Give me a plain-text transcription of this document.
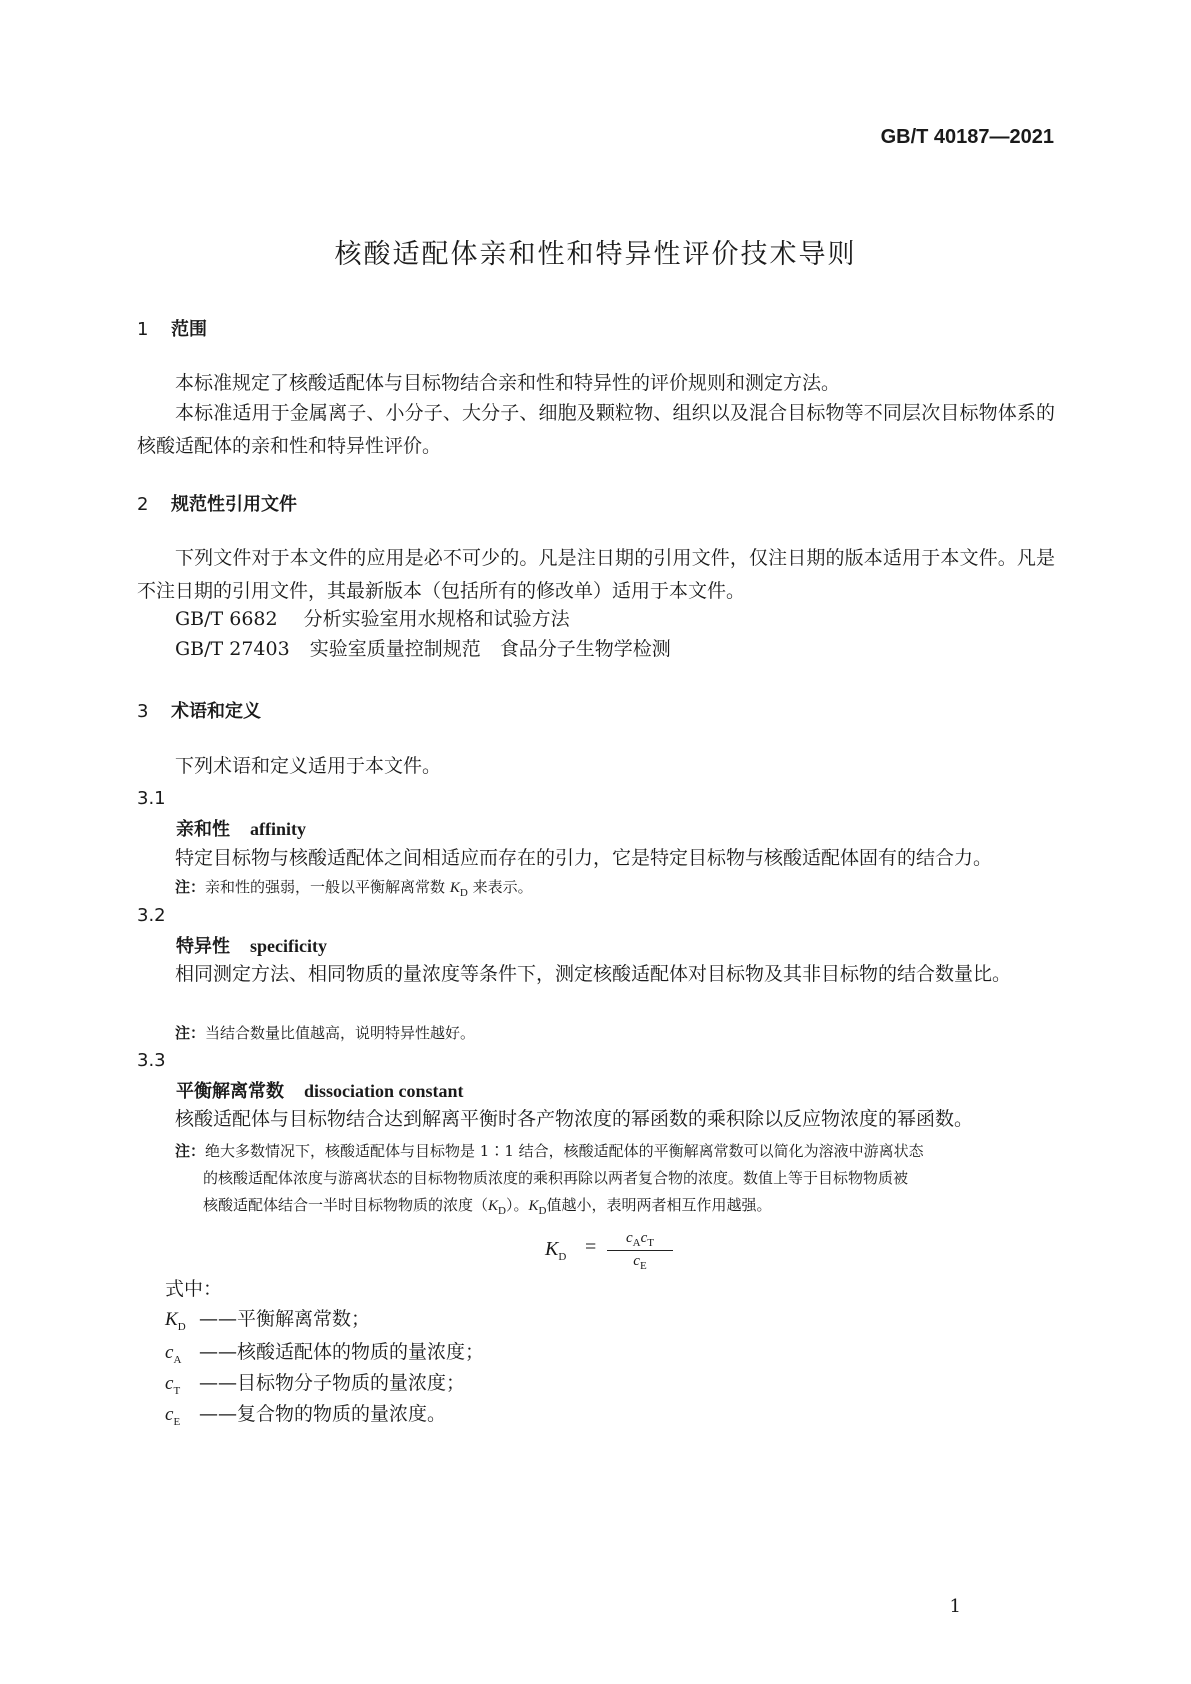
GB/T 40187—2021
核酸适配体亲和性和特异性评价技术导则
1 范围
本标准规定了核酸适配体与目标物结合亲和性和特异性的评价规则和测定方法。
本标准适用于金属离子、小分子、大分子、细胞及颗粒物、组织以及混合目标物等不同层次目标物体系的核酸适配体的亲和性和特异性评价。
2 规范性引用文件
下列文件对于本文件的应用是必不可少的。凡是注日期的引用文件，仅注日期的版本适用于本文件。凡是不注日期的引用文件，其最新版本（包括所有的修改单）适用于本文件。
GB/T 6682 分析实验室用水规格和试验方法
GB/T 27403 实验室质量控制规范　食品分子生物学检测
3 术语和定义
下列术语和定义适用于本文件。
3.1
亲和性 affinity
特定目标物与核酸适配体之间相适应而存在的引力，它是特定目标物与核酸适配体固有的结合力。
注：亲和性的强弱，一般以平衡解离常数 $K_D$ 来表示。
3.2
特异性 specificity
相同测定方法、相同物质的量浓度等条件下，测定核酸适配体对目标物及其非目标物的结合数量比。
注：当结合数量比值越高，说明特异性越好。
3.3
平衡解离常数 dissociation constant
核酸适配体与目标物结合达到解离平衡时各产物浓度的幂函数的乘积除以反应物浓度的幂函数。
注：绝大多数情况下，核酸适配体与目标物是 1∶1 结合，核酸适配体的平衡解离常数可以简化为溶液中游离状态
的核酸适配体浓度与游离状态的目标物物质浓度的乘积再除以两者复合物的浓度。数值上等于目标物物质被
核酸适配体结合一半时目标物物质的浓度$(K_D)$。$K_D$值越小，表明两者相互作用越强。
$K_D$ =	$c_Ac_T$
$c_E$
式中：
$K_D$ ——平衡解离常数；
$c_A$ ——核酸适配体的物质的量浓度；
$c_T$ ——目标物分子物质的量浓度；
$c_E$ ——复合物的物质的量浓度。
1
